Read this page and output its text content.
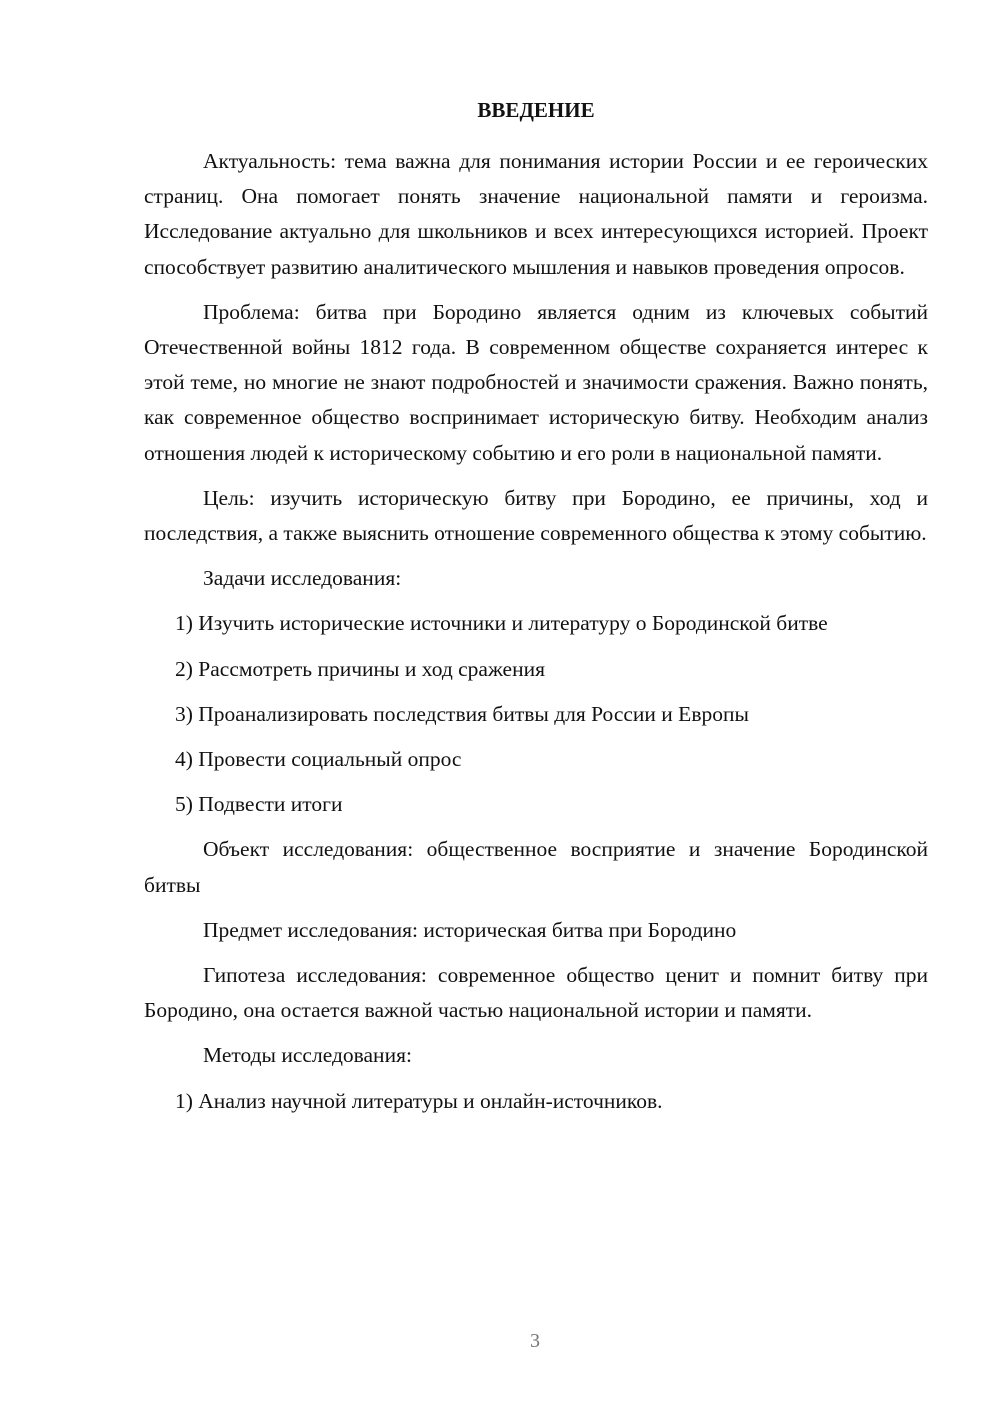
ВВЕДЕНИЕ

Актуальность: тема важна для понимания истории России и ее героических страниц. Она помогает понять значение национальной памяти и героизма. Исследование актуально для школьников и всех интересующихся историей. Проект способствует развитию аналитического мышления и навыков проведения опросов.

Проблема: битва при Бородино является одним из ключевых событий Отечественной войны 1812 года. В современном обществе сохраняется интерес к этой теме, но многие не знают подробностей и значимости сражения. Важно понять, как современное общество воспринимает историческую битву. Необходим анализ отношения людей к историческому событию и его роли в национальной памяти.

Цель: изучить историческую битву при Бородино, ее причины, ход и последствия, а также выяснить отношение современного общества к этому событию.

Задачи исследования:

1) Изучить исторические источники и литературу о Бородинской битве

2) Рассмотреть причины и ход сражения

3) Проанализировать последствия битвы для России и Европы

4) Провести социальный опрос

5) Подвести итоги

Объект исследования: общественное восприятие и значение Бородинской битвы

Предмет исследования: историческая битва при Бородино

Гипотеза исследования: современное общество ценит и помнит битву при Бородино, она остается важной частью национальной истории и памяти.

Методы исследования:

1) Анализ научной литературы и онлайн-источников.

3
